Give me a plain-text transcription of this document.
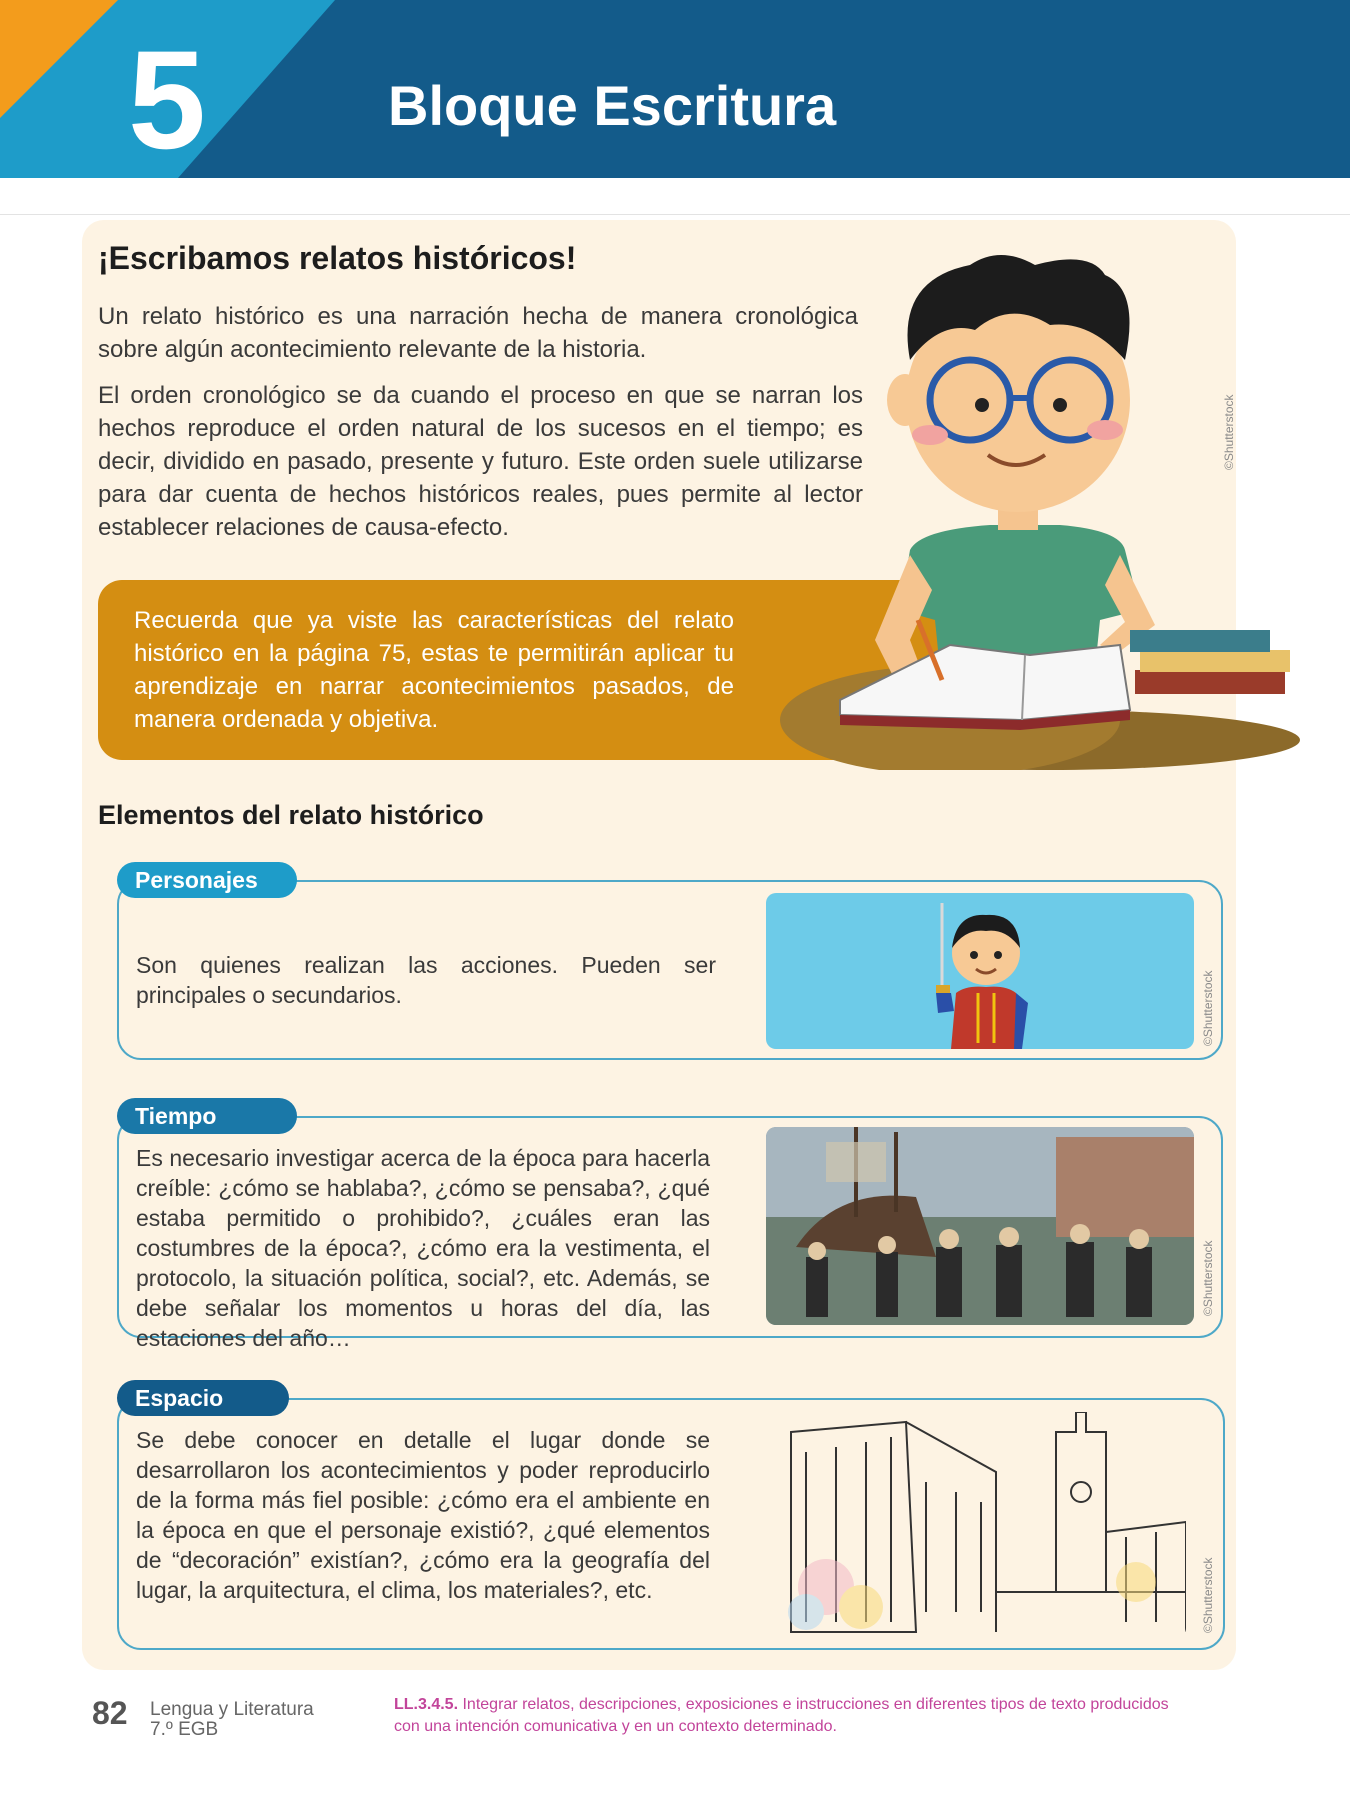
5	Bloque Escritura
¡Escribamos relatos históricos!

Un relato histórico es una narración hecha de manera cronológica sobre algún acontecimiento relevante de la historia.

El orden cronológico se da cuando el proceso en que se narran los hechos reproduce el orden natural de los sucesos en el tiempo; es decir, dividido en pasado, presente y futuro. Este orden suele utilizarse para dar cuenta de hechos históricos reales, pues permite al lector establecer relaciones de causa-efecto.

Recuerda que ya viste las características del relato histórico en la página 75, estas te permitirán aplicar tu aprendizaje en narrar acontecimientos pasados, de manera ordenada y objetiva.

©Shutterstock
Elementos del relato histórico
Personajes

Son quienes realizan las acciones. Pueden ser principales o secundarios.	©Shutterstock
Tiempo

Es necesario investigar acerca de la época para hacerla creíble: ¿cómo se hablaba?, ¿cómo se pensaba?, ¿qué estaba permitido o prohibido?, ¿cuáles eran las costumbres de la época?, ¿cómo era la vestimenta, el protocolo, la situación política, social?, etc. Además, se debe señalar los momentos u horas del día, las estaciones del año…

©Shutterstock
Espacio

Se debe conocer en detalle el lugar donde se desarrollaron los acontecimientos y poder reproducirlo de la forma más fiel posible: ¿cómo era el ambiente en la época en que el personaje existió?, ¿qué elementos de “decoración” existían?, ¿cómo era la geografía del lugar, la arquitectura, el clima, los materiales?, etc.	©Shutterstock
82 Lengua y Literatura
7.º EGB

LL.3.4.5. Integrar relatos, descripciones, exposiciones e instrucciones en diferentes tipos de texto producidos con una intención comunicativa y en un contexto determinado.
